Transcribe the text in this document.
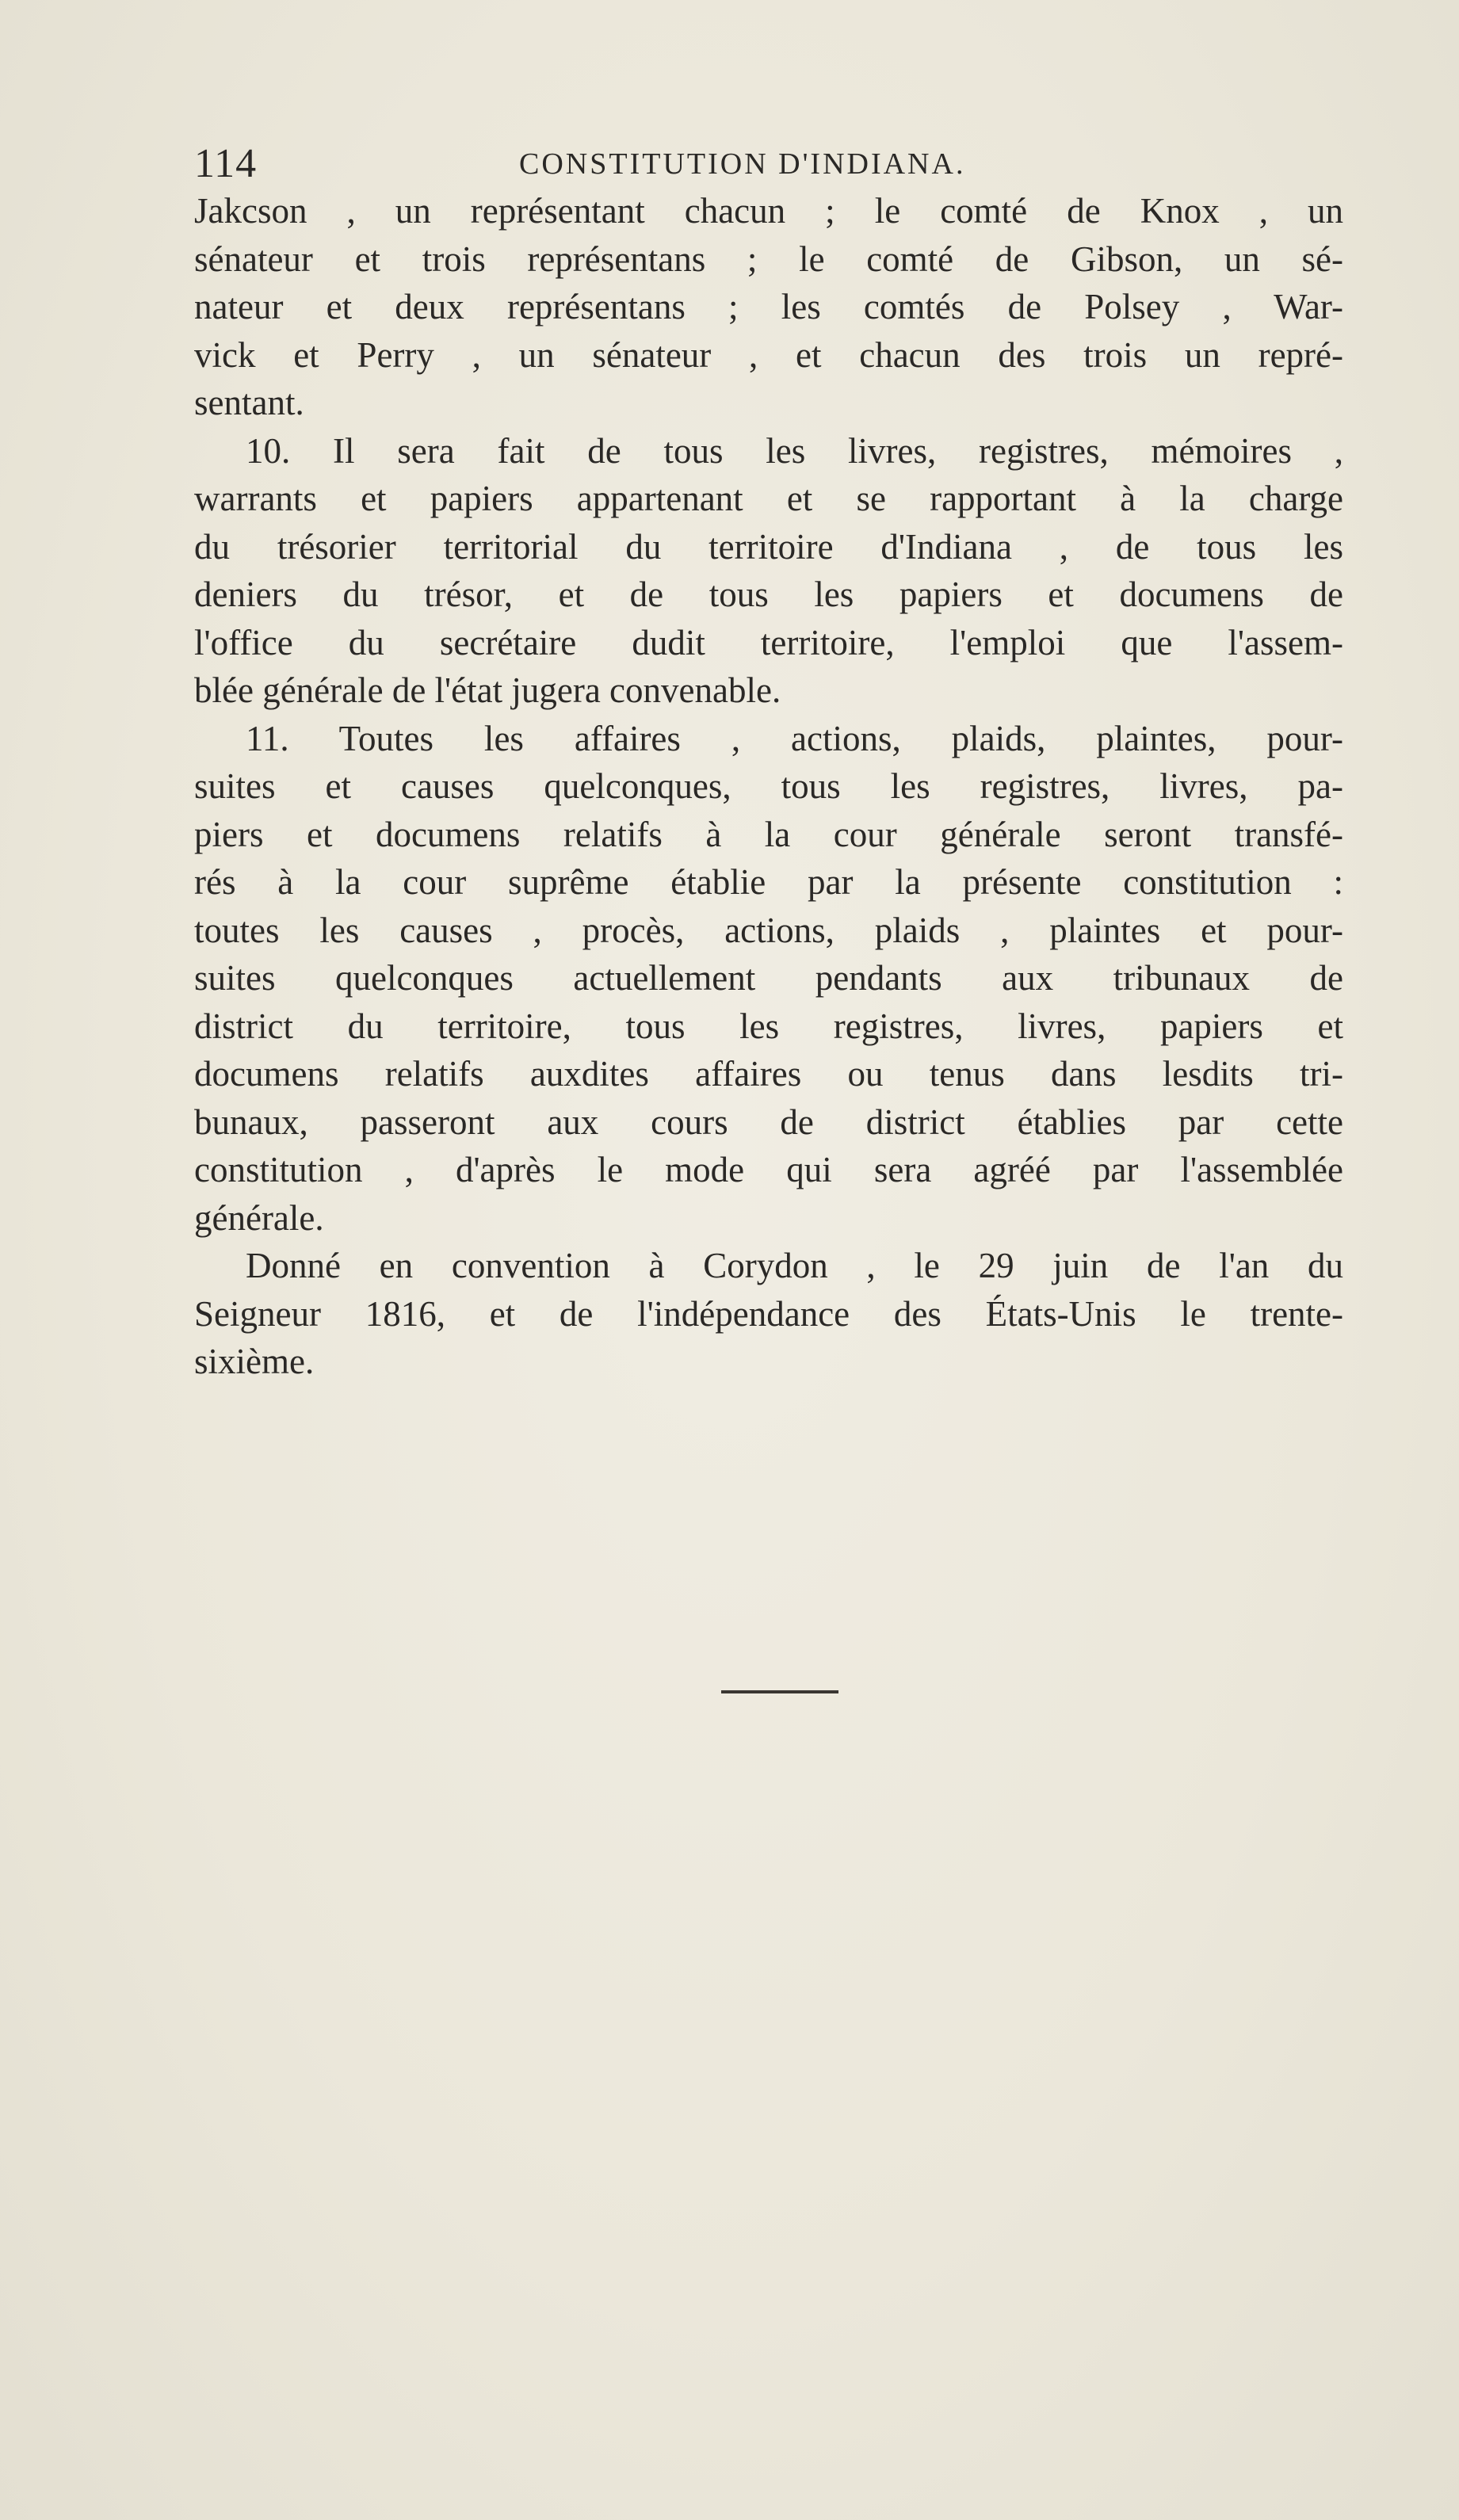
114	CONSTITUTION D'INDIANA.
Jakcson , un représentant chacun ; le comté de Knox , un
sénateur et trois représentans ; le comté de Gibson, un sé-
nateur et deux représentans ; les comtés de Polsey , War-
vick et Perry , un sénateur , et chacun des trois un repré-
sentant.
10. Il sera fait de tous les livres, registres, mémoires ,
warrants et papiers appartenant et se rapportant à la charge
du trésorier territorial du territoire d'Indiana , de tous les
deniers du trésor, et de tous les papiers et documens de
l'office du secrétaire dudit territoire, l'emploi que l'assem-
blée générale de l'état jugera convenable.
11. Toutes les affaires , actions, plaids, plaintes, pour-
suites et causes quelconques, tous les registres, livres, pa-
piers et documens relatifs à la cour générale seront transfé-
rés à la cour suprême établie par la présente constitution :
toutes les causes , procès, actions, plaids , plaintes et pour-
suites quelconques actuellement pendants aux tribunaux de
district du territoire, tous les registres, livres, papiers et
documens relatifs auxdites affaires ou tenus dans lesdits tri-
bunaux, passeront aux cours de district établies par cette
constitution , d'après le mode qui sera agréé par l'assemblée
générale.
Donné en convention à Corydon , le 29 juin de l'an du
Seigneur 1816, et de l'indépendance des États-Unis le trente-
sixième.
